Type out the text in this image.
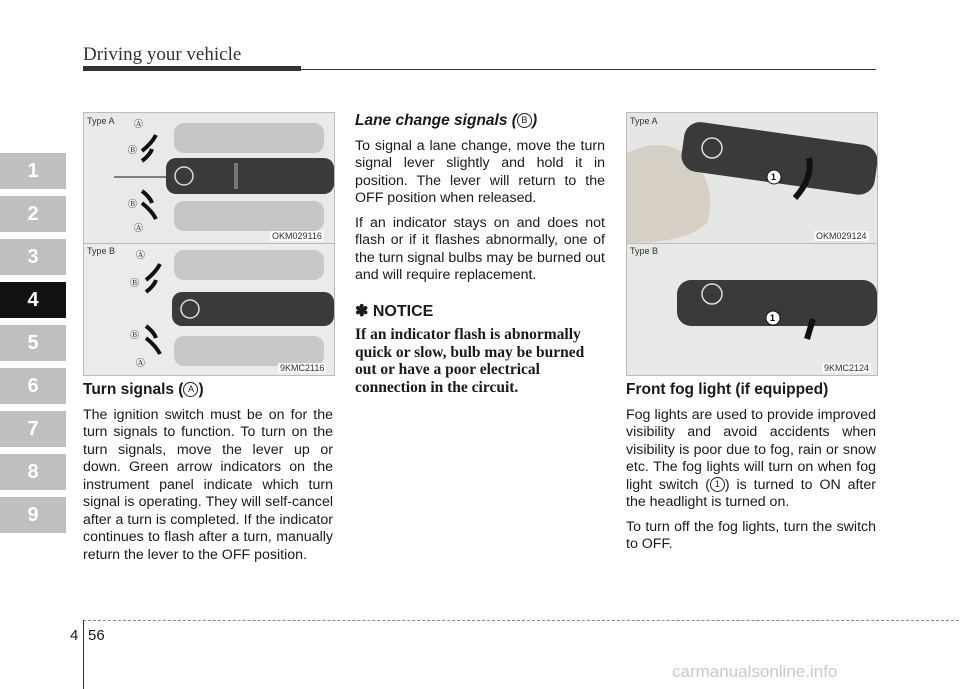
Driving your vehicle
1
2
3
4
5
6
7
8
9
Ⓐ
Ⓑ
Ⓑ
Ⓐ
Type A
OKM029116
Ⓐ
Ⓑ
Ⓑ
Ⓐ
Type B
9KMC2116
1
Type A
OKM029124
1
Type B
9KMC2124
Turn signals ( A )

The ignition switch must be on for the turn signals to function. To turn on the turn signals, move the lever up or down. Green arrow indicators on the instrument panel indicate which turn signal is operating. They will self-cancel after a turn is completed. If the indicator continues to flash after a turn, manually return the lever to the OFF position.

Lane change signals ( B )

To signal a lane change, move the turn signal lever slightly and hold it in position. The lever will return to the OFF position when released.

If an indicator stays on and does not flash or if it flashes abnormally, one of the turn signal bulbs may be burned out and will require replacement.

✽ NOTICE
If an indicator flash is abnormally quick or slow, bulb may be burned out or have a poor electrical connection in the circuit.	Front fog light (if equipped)

Fog lights are used to provide improved visibility and avoid accidents when visibility is poor due to fog, rain or snow etc. The fog lights will turn on when fog light switch ( 1 ) is turned to ON after the headlight is turned on.

To turn off the fog lights, turn the switch to OFF.

4 56
carmanualsonline.info
